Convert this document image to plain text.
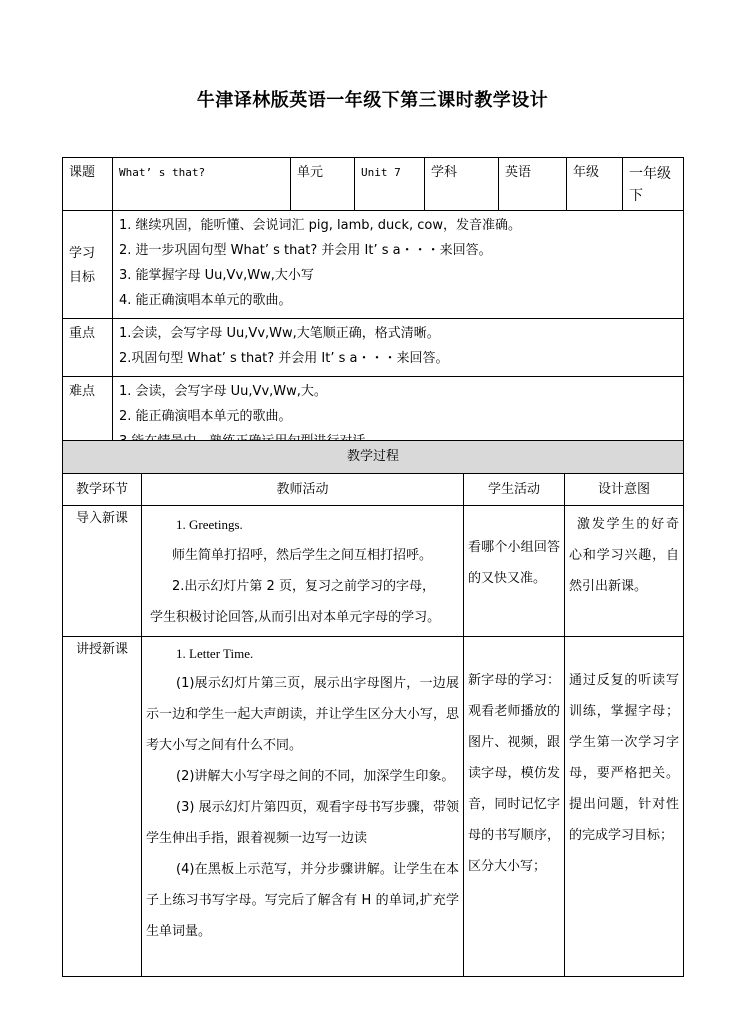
牛津译林版英语一年级下第三课时教学设计
课题	What’ s that?	单元	Unit 7	学科	英语	年级	一年级下
学习目标	1. 继续巩固，能听懂、会说词汇 pig, lamb, duck, cow，发音准确。
2. 进一步巩固句型 What’ s that? 并会用 It’ s a・・・来回答。
3. 能掌握字母 Uu,Vv,Ww,大小写
4. 能正确演唱本单元的歌曲。						

重点	1.会读，会写字母 Uu,Vv,Ww,大笔顺正确，格式清晰。
2.巩固句型 What’ s that? 并会用 It’ s a・・・来回答。						

难点	1. 会读，会写字母 Uu,Vv,Ww,大。
2. 能正确演唱本单元的歌曲。						
教学过程			
教学环节	教师活动	学生活动	设计意图
导入新课	1. Greetings.

师生简单打招呼，然后学生之间互相打招呼。

2.出示幻灯片第 2 页，复习之前学习的字母，

学生积极讨论回答,从而引出对本单元字母的学习。	看哪个小组回答的又快又准。	激发学生的好奇心和学习兴趣，自然引出新课。

讲授新课	1. Letter Time.

(1)展示幻灯片第三页，展示出字母图片，一边展示一边和学生一起大声朗读，并让学生区分大小写，思考大小写之间有什么不同。

(2)讲解大小写字母之间的不同，加深学生印象。

(3) 展示幻灯片第四页，观看字母书写步骤，带领学生伸出手指，跟着视频一边写一边读

(4)在黑板上示范写，并分步骤讲解。让学生在本子上练习书写字母。写完后了解含有 H 的单词,扩充学生单词量。	新字母的学习：观看老师播放的图片、视频，跟读字母，模仿发音，同时记忆字母的书写顺序，区分大小写；	通过反复的听读写训练，掌握字母；学生第一次学习字母，要严格把关。提出问题，针对性的完成学习目标；
